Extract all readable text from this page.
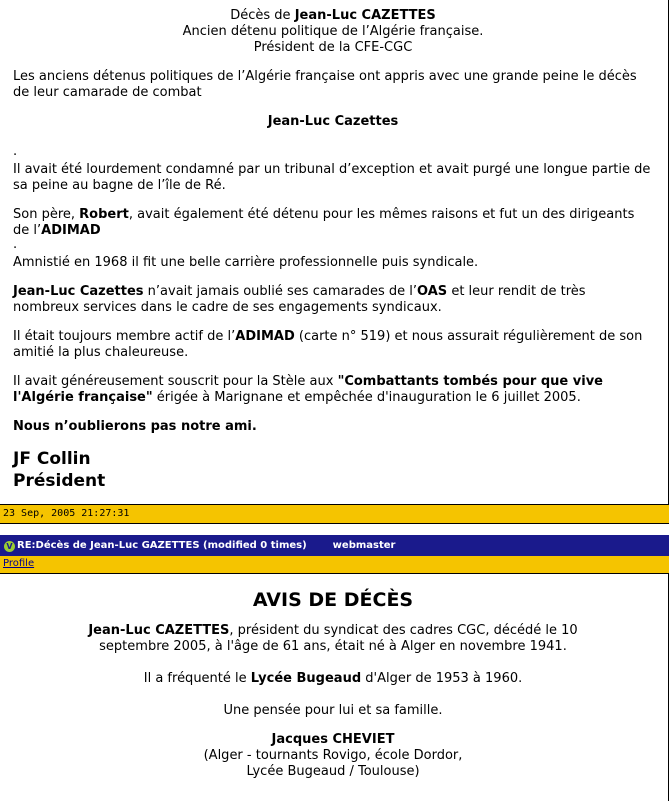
Décès de Jean-Luc CAZETTES
Ancien détenu politique de l’Algérie française.
Président de la CFE-CGC

Les anciens détenus politiques de l’Algérie française ont appris avec une grande peine le décès de leur camarade de combat

Jean-Luc Cazettes
.

Il avait été lourdement condamné par un tribunal d’exception et avait purgé une longue partie de sa peine au bagne de l’île de Ré.

Son père, Robert, avait également été détenu pour les mêmes raisons et fut un des dirigeants de l’ADIMAD

.

Amnistié en 1968 il fit une belle carrière professionnelle puis syndicale.

Jean-Luc Cazettes n’avait jamais oublié ses camarades de l’OAS et leur rendit de très nombreux services dans le cadre de ses engagements syndicaux.

Il était toujours membre actif de l’ADIMAD (carte n° 519) et nous assurait régulièrement de son amitié la plus chaleureuse.

Il avait généreusement souscrit pour la Stèle aux "Combattants tombés pour que vive l'Algérie française" érigée à Marignane et empêchée d'inauguration le 6 juillet 2005.

Nous n’oublierons pas notre ami.
JF Collin
Président
23 Sep, 2005 21:27:31
V RE:Décès de Jean-Luc GAZETTES (modified 0 times)	webmaster
Profile
AVIS DE DÉCÈS
Jean-Luc CAZETTES, président du syndicat des cadres CGC, décédé le 10
septembre 2005, à l'âge de 61 ans, était né à Alger en novembre 1941.
Il a fréquenté le Lycée Bugeaud d'Alger de 1953 à 1960.
Une pensée pour lui et sa famille.
Jacques CHEVIET
(Alger - tournants Rovigo, école Dordor,
Lycée Bugeaud / Toulouse)
